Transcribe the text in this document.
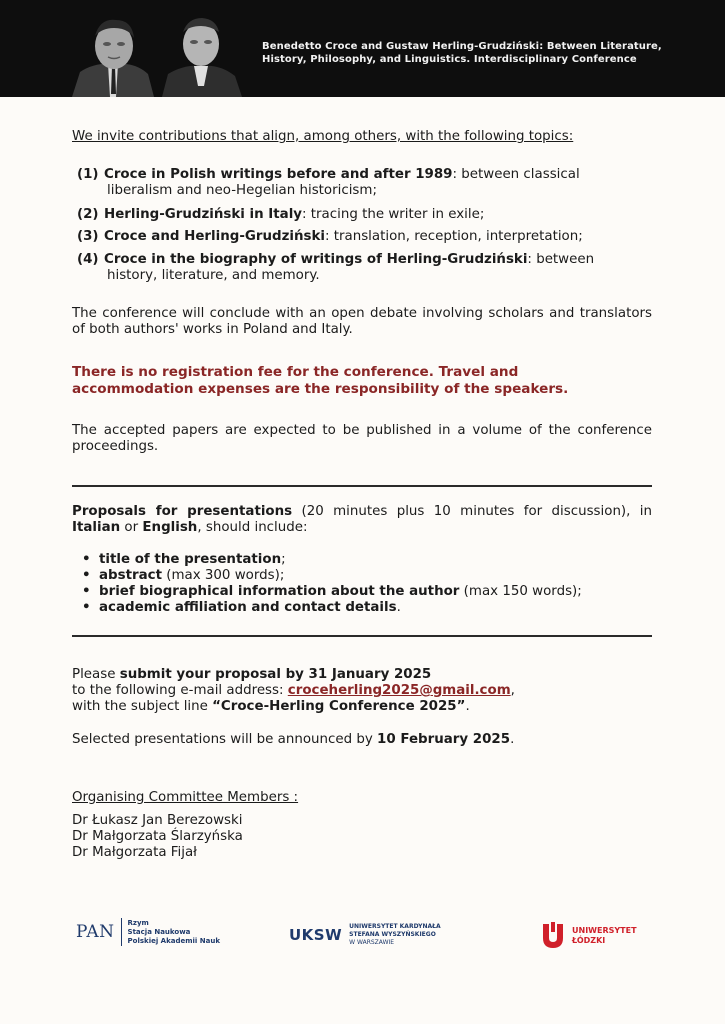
Benedetto Croce and Gustaw Herling-Grudziński: Between Literature,
History, Philosophy, and Linguistics. Interdisciplinary Conference
We invite contributions that align, among others, with the following topics:
(1) Croce in Polish writings before and after 1989: between classical
liberalism and neo-Hegelian historicism;
(2) Herling-Grudziński in Italy: tracing the writer in exile;
(3) Croce and Herling-Grudziński: translation, reception, interpretation;
(4) Croce in the biography of writings of Herling-Grudziński: between
history, literature, and memory.
The conference will conclude with an open debate involving scholars and translators of both authors' works in Poland and Italy.
There is no registration fee for the conference. Travel and
accommodation expenses are the responsibility of the speakers.
The accepted papers are expected to be published in a volume of the conference proceedings.
Proposals for presentations (20 minutes plus 10 minutes for discussion), in Italian or English, should include:
• title of the presentation;
• abstract (max 300 words);
• brief biographical information about the author (max 150 words);
• academic affiliation and contact details.
Please submit your proposal by 31 January 2025
to the following e-mail address: croceherling2025@gmail.com,
with the subject line “Croce-Herling Conference 2025”.
Selected presentations will be announced by 10 February 2025.
Organising Committee Members :
Dr Łukasz Jan Berezowski
Dr Małgorzata Ślarzyńska
Dr Małgorzata Fijał
PAN Rzym
Stacja Naukowa
Polskiej Akademii Nauk	UKSW UNIWERSYTET KARDYNAŁA
STEFANA WYSZYŃSKIEGO
W WARSZAWIE
UNIWERSYTET
ŁÓDZKI
